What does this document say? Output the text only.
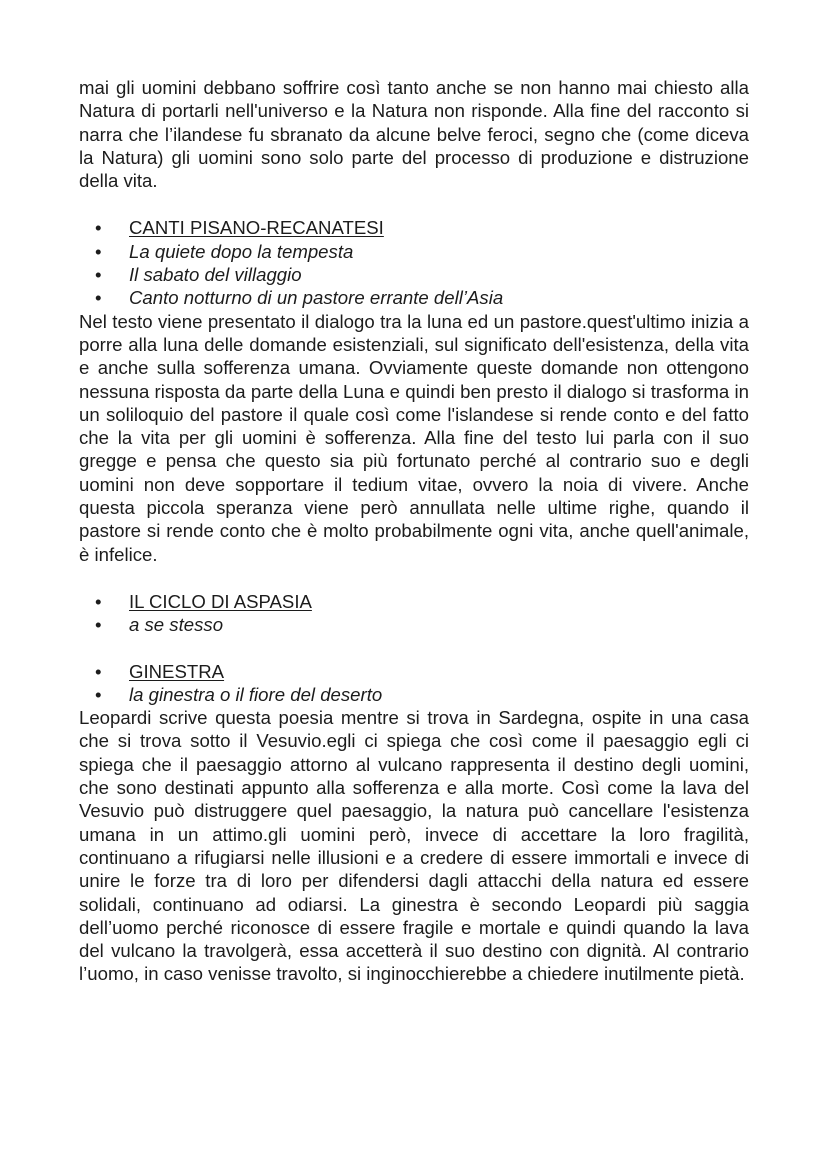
mai gli uomini debbano soffrire così tanto anche se non hanno mai chiesto alla Natura di portarli nell'universo e la Natura non risponde. Alla fine del racconto si narra che l’ilandese fu sbranato da alcune belve feroci, segno che (come diceva la Natura) gli uomini sono solo parte del processo di produzione e distruzione della vita.

• CANTI PISANO-RECANATESI
• La quiete dopo la tempesta
• Il sabato del villaggio
• Canto notturno di un pastore errante dell’Asia

Nel testo viene presentato il dialogo tra la luna ed un pastore.quest'ultimo inizia a porre alla luna delle domande esistenziali, sul significato dell'esistenza, della vita e anche sulla sofferenza umana. Ovviamente queste domande non ottengono nessuna risposta da parte della Luna e quindi ben presto il dialogo si trasforma in un soliloquio del pastore il quale così come l'islandese si rende conto e del fatto che la vita per gli uomini è sofferenza. Alla fine del testo lui parla con il suo gregge e pensa che questo sia più fortunato perché al contrario suo e degli uomini non deve sopportare il tedium vitae, ovvero la noia di vivere. Anche questa piccola speranza viene però annullata nelle ultime righe, quando il pastore si rende conto che è molto probabilmente ogni vita, anche quell'animale, è infelice.

• IL CICLO DI ASPASIA
• a se stesso
• GINESTRA
• la ginestra o il fiore del deserto

Leopardi scrive questa poesia mentre si trova in Sardegna, ospite in una casa che si trova sotto il Vesuvio.egli ci spiega che così come il paesaggio egli ci spiega che il paesaggio attorno al vulcano rappresenta il destino degli uomini, che sono destinati appunto alla sofferenza e alla morte. Così come la lava del Vesuvio può distruggere quel paesaggio, la natura può cancellare l'esistenza umana in un attimo.gli uomini però, invece di accettare la loro fragilità, continuano a rifugiarsi nelle illusioni e a credere di essere immortali e invece di unire le forze tra di loro per difendersi dagli attacchi della natura ed essere solidali, continuano ad odiarsi. La ginestra è secondo Leopardi più saggia dell’uomo perché riconosce di essere fragile e mortale e quindi quando la lava del vulcano la travolgerà, essa accetterà il suo destino con dignità. Al contrario l’uomo, in caso venisse travolto, si inginocchierebbe a chiedere inutilmente pietà.
